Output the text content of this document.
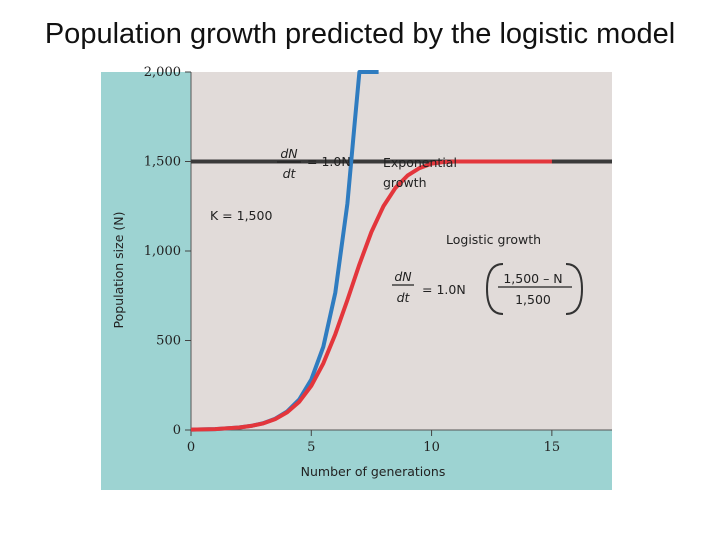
Population growth predicted by the logistic model
0
500
1,000
1,500
2,000
0	5	10	15
K = 1,500
dN
dt
= 1.0N	Exponential
growth
Logistic growth
dN
dt
= 1.0N
1,500 – N
1,500
Number of generations
Population size (N)
